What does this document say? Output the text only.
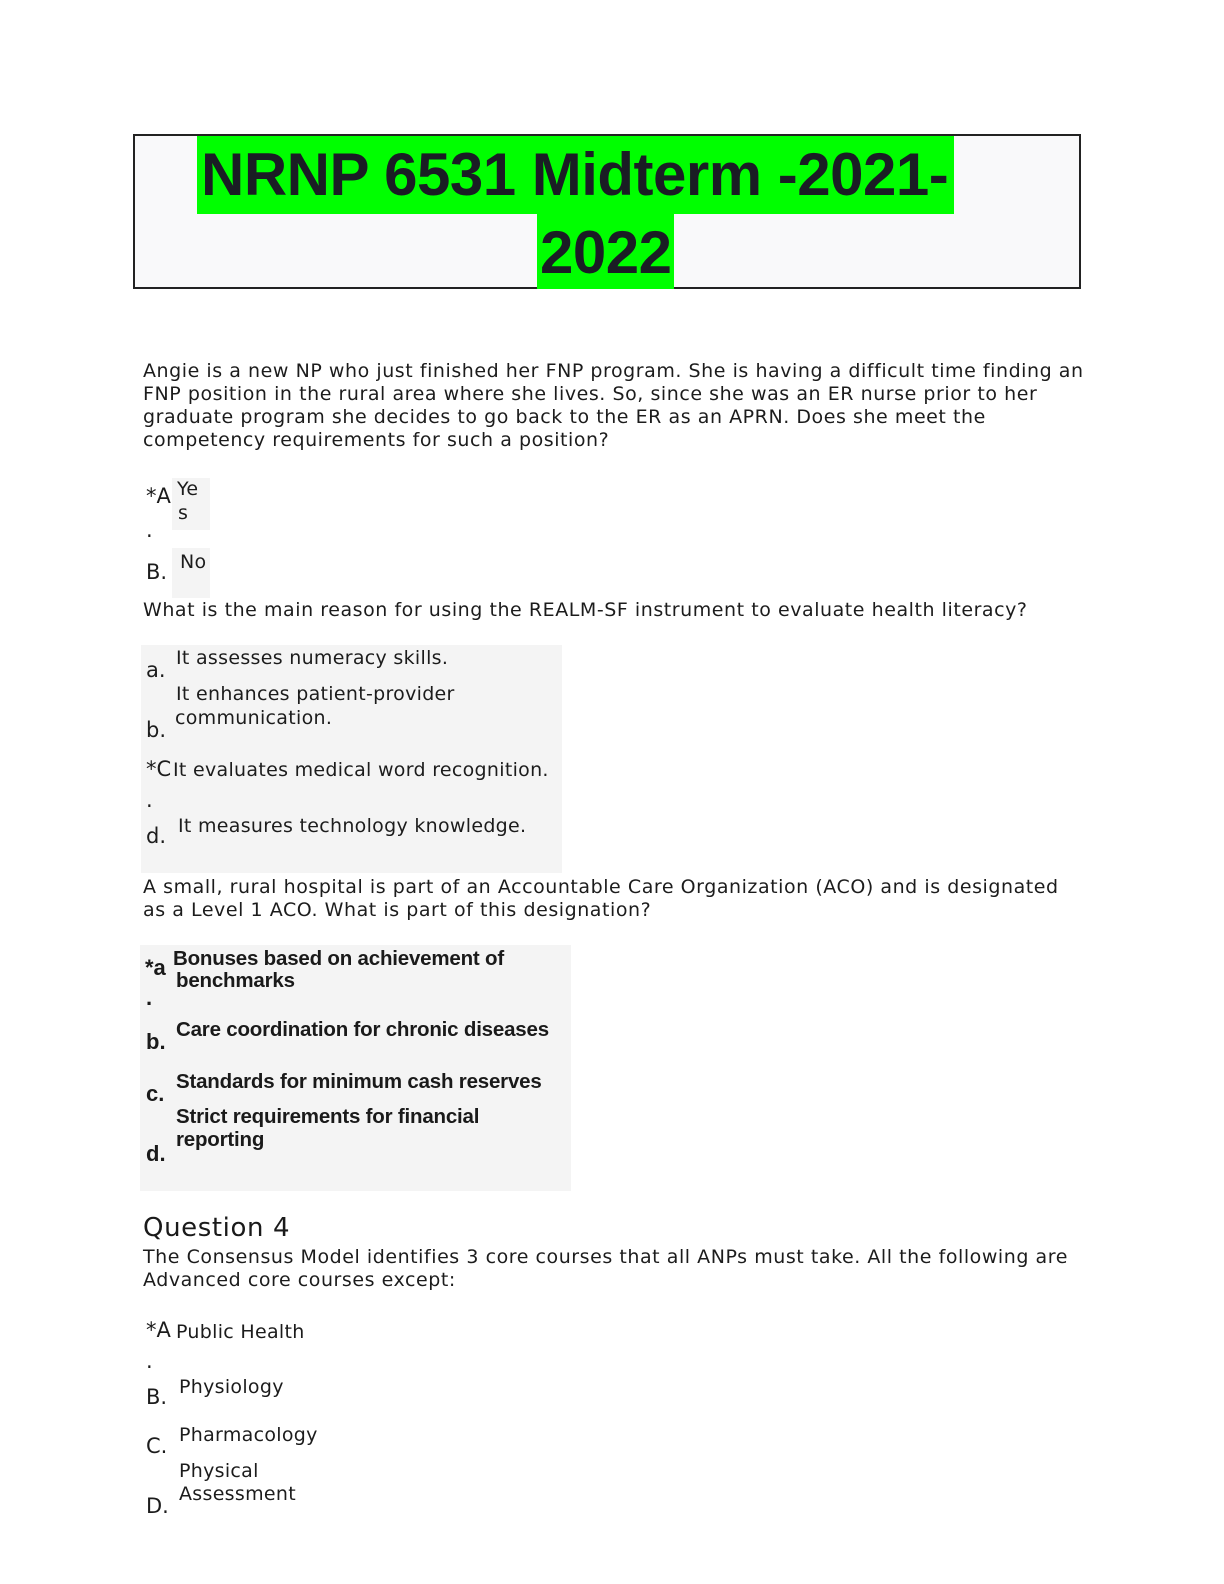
NRNP 6531 Midterm -2021-
2022
Angie is a new NP who just finished her FNP program. She is having a difficult time finding an
FNP position in the rural area where she lives. So, since she was an ER nurse prior to her
graduate program she decides to go back to the ER as an APRN. Does she meet the
competency requirements for such a position?
*A
.
Ye
s
B. No
What is the main reason for using the REALM-SF instrument to evaluate health literacy?
a. It assesses numeracy skills.
b.
It enhances patient-provider
communication.
*C
.
It evaluates medical word recognition.
d. It measures technology knowledge.
A small, rural hospital is part of an Accountable Care Organization (ACO) and is designated
as a Level 1 ACO. What is part of this designation?
*a
.
Bonuses based on achievement of
benchmarks
b. Care coordination for chronic diseases
c. Standards for minimum cash reserves
d.
Strict requirements for financial
reporting
Question 4
The Consensus Model identifies 3 core courses that all ANPs must take. All the following are
Advanced core courses except:
*A
.
Public Health
B. Physiology
C. Pharmacology
D.
Physical
Assessment
